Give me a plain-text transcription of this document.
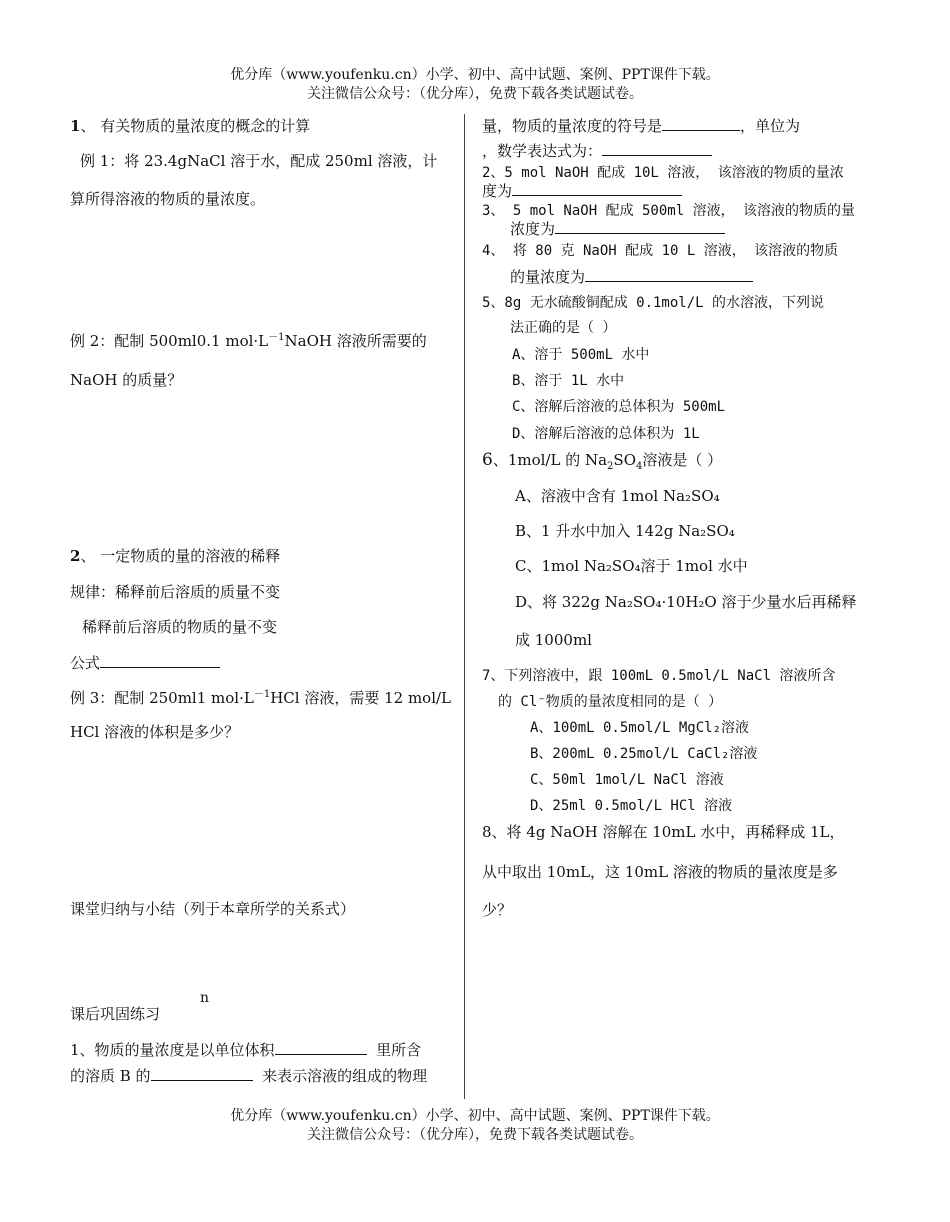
优分库（www.youfenku.cn）小学、初中、高中试题、案例、PPT课件下载。
关注微信公众号：（优分库），免费下载各类试题试卷。
1、 有关物质的量浓度的概念的计算
例 1：将 23.4gNaCl 溶于水，配成 250ml 溶液，计
算所得溶液的物质的量浓度。
例 2：配制 500ml0.1 $mol\cdot L^{-1}NaOH$ 溶液所需要的
NaOH 的质量？
2、 一定物质的量的溶液的稀释
规律：稀释前后溶质的质量不变
稀释前后溶质的物质的量不变
公式
例 3：配制 250ml1 $mol\cdot L^{-1}HCl$ 溶液，需要 12 mol/L
HCl 溶液的体积是多少？
课堂归纳与小结（列于本章所学的关系式）
n
课后巩固练习
1、物质的量浓度是以单位体积	里所含
的溶质 B 的	来表示溶液的组成的物理
量，物质的量浓度的符号是	，单位为
，数学表达式为：
2、5 mol NaOH 配成 10L 溶液， 该溶液的物质的量浓
度为
3、 5 mol NaOH 配成 500ml 溶液， 该溶液的物质的量
浓度为
4、 将 80 克 NaOH 配成 10 L 溶液， 该溶液的物质
的量浓度为
5、8g 无水硫酸铜配成 0.1mol/L 的水溶液，下列说
法正确的是（ ）
A、溶于 500mL 水中
B、溶于 1L 水中
C、溶解后溶液的总体积为 500mL
D、溶解后溶液的总体积为 1L
6、1mol/L 的 $Na_2SO_4$溶液是（ ）
A、溶液中含有 1mol Na₂SO₄
B、1 升水中加入 142g Na₂SO₄
C、1mol Na₂SO₄溶于 1mol 水中
D、将 322g Na₂SO₄·10H₂O 溶于少量水后再稀释
成 1000ml
7、下列溶液中，跟 100mL 0.5mol/L NaCl 溶液所含
的 Cl⁻物质的量浓度相同的是（ ）
A、100mL 0.5mol/L MgCl₂溶液
B、200mL 0.25mol/L CaCl₂溶液
C、50ml 1mol/L NaCl 溶液
D、25ml 0.5mol/L HCl 溶液
8、将 4g NaOH 溶解在 10mL 水中，再稀释成 1L，
从中取出 10mL，这 10mL 溶液的物质的量浓度是多
少？
优分库（www.youfenku.cn）小学、初中、高中试题、案例、PPT课件下载。
关注微信公众号：（优分库），免费下载各类试题试卷。
